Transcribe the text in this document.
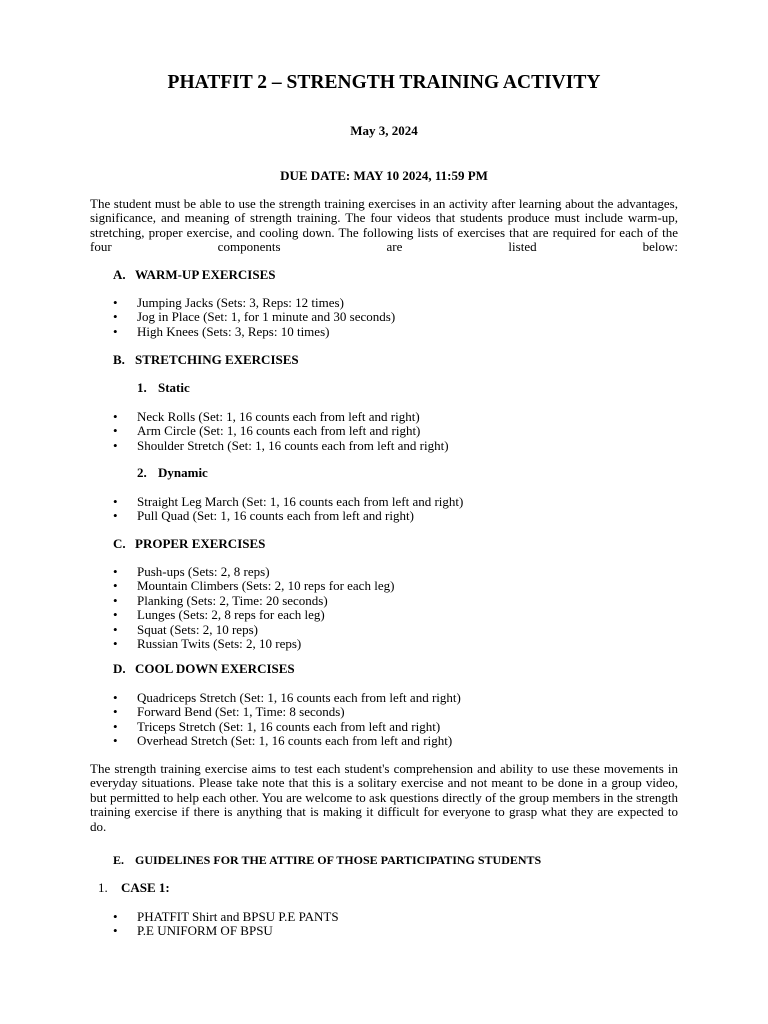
PHATFIT 2 – STRENGTH TRAINING ACTIVITY
May 3, 2024
DUE DATE: MAY 10 2024, 11:59 PM

The student must be able to use the strength training exercises in an activity after learning about the advantages, significance, and meaning of strength training. The four videos that students produce must include warm-up, stretching, proper exercise, and cooling down. The following lists of exercises that are required for each of the four components are listed below:

A. WARM-UP EXERCISES
• Jumping Jacks (Sets: 3, Reps: 12 times)
• Jog in Place (Set: 1, for 1 minute and 30 seconds)
• High Knees (Sets: 3, Reps: 10 times)
B. STRETCHING EXERCISES
1. Static
• Neck Rolls (Set: 1, 16 counts each from left and right)
• Arm Circle (Set: 1, 16 counts each from left and right)
• Shoulder Stretch (Set: 1, 16 counts each from left and right)
2. Dynamic
• Straight Leg March (Set: 1, 16 counts each from left and right)
• Pull Quad (Set: 1, 16 counts each from left and right)
C. PROPER EXERCISES
• Push-ups (Sets: 2, 8 reps)
• Mountain Climbers (Sets: 2, 10 reps for each leg)
• Planking (Sets: 2, Time: 20 seconds)
• Lunges (Sets: 2, 8 reps for each leg)
• Squat (Sets: 2, 10 reps)
• Russian Twits (Sets: 2, 10 reps)
D. COOL DOWN EXERCISES
• Quadriceps Stretch (Set: 1, 16 counts each from left and right)
• Forward Bend (Set: 1, Time: 8 seconds)
• Triceps Stretch (Set: 1, 16 counts each from left and right)
• Overhead Stretch (Set: 1, 16 counts each from left and right)

The strength training exercise aims to test each student's comprehension and ability to use these movements in everyday situations. Please take note that this is a solitary exercise and not meant to be done in a group video, but permitted to help each other. You are welcome to ask questions directly of the group members in the strength training exercise if there is anything that is making it difficult for everyone to grasp what they are expected to do.

E. GUIDELINES FOR THE ATTIRE OF THOSE PARTICIPATING STUDENTS
1. CASE 1:
• PHATFIT Shirt and BPSU P.E PANTS
• P.E UNIFORM OF BPSU
